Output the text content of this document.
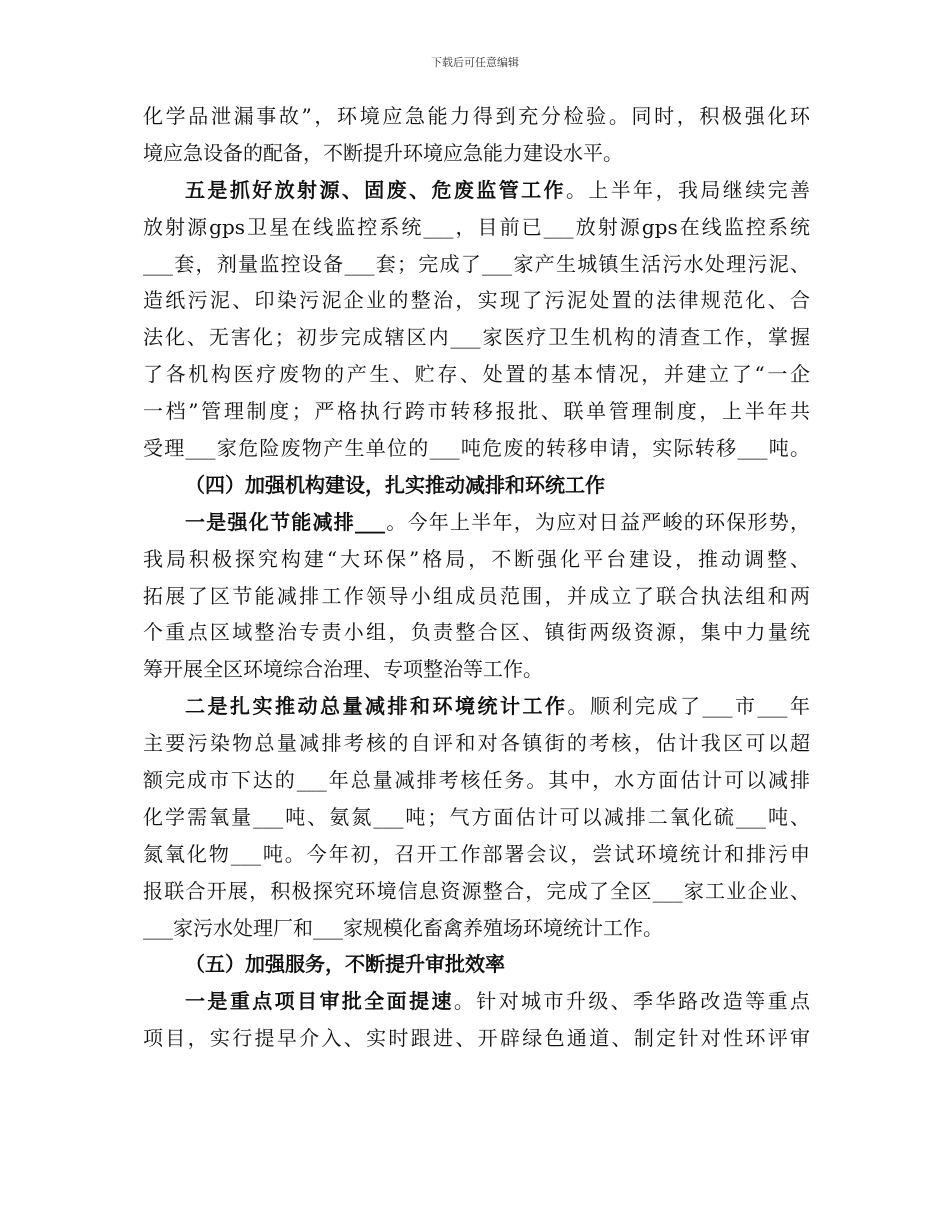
下载后可任意编辑
化学品泄漏事故”，环境应急能力得到充分检验。同时，积极强化环
境应急设备的配备，不断提升环境应急能力建设水平。
五是抓好放射源、固废、危废监管工作。上半年，我局继续完善
放射源gps卫星在线监控系统___，目前已___放射源gps在线监控系统
___套，剂量监控设备___套；完成了___家产生城镇生活污水处理污泥、
造纸污泥、印染污泥企业的整治，实现了污泥处置的法律规范化、合
法化、无害化；初步完成辖区内___家医疗卫生机构的清查工作，掌握
了各机构医疗废物的产生、贮存、处置的基本情况，并建立了“一企
一档”管理制度；严格执行跨市转移报批、联单管理制度，上半年共
受理___家危险废物产生单位的___吨危废的转移申请，实际转移___吨。
（四）加强机构建设，扎实推动减排和环统工作
一是强化节能减排___。今年上半年，为应对日益严峻的环保形势，
我局积极探究构建“大环保”格局，不断强化平台建设，推动调整、
拓展了区节能减排工作领导小组成员范围，并成立了联合执法组和两
个重点区域整治专责小组，负责整合区、镇街两级资源，集中力量统
筹开展全区环境综合治理、专项整治等工作。
二是扎实推动总量减排和环境统计工作。顺利完成了___市___年
主要污染物总量减排考核的自评和对各镇街的考核，估计我区可以超
额完成市下达的___年总量减排考核任务。其中，水方面估计可以减排
化学需氧量___吨、氨氮___吨；气方面估计可以减排二氧化硫___吨、
氮氧化物___吨。今年初，召开工作部署会议，尝试环境统计和排污申
报联合开展，积极探究环境信息资源整合，完成了全区___家工业企业、
___家污水处理厂和___家规模化畜禽养殖场环境统计工作。
（五）加强服务，不断提升审批效率
一是重点项目审批全面提速。针对城市升级、季华路改造等重点
项目，实行提早介入、实时跟进、开辟绿色通道、制定针对性环评审
